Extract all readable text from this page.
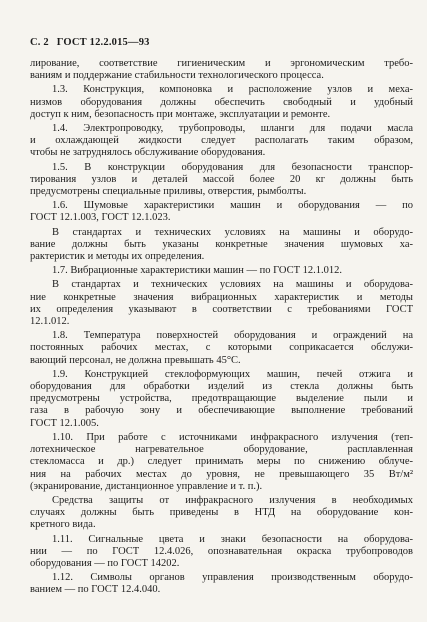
С. 2 ГОСТ 12.2.015—93
лирование, соответствие гигиеническим и эргономическим требо-
ваниям и поддержание стабильности технологического процесса.
1.3. Конструкция, компоновка и расположение узлов и меха-
низмов оборудования должны обеспечить свободный и удобный
доступ к ним, безопасность при монтаже, эксплуатации и ремонте.
1.4. Электропроводку, трубопроводы, шланги для подачи масла
и охлаждающей жидкости следует располагать таким образом,
чтобы не затруднялось обслуживание оборудования.
1.5. В конструкции оборудования для безопасности транспор-
тирования узлов и деталей массой более 20 кг должны быть
предусмотрены специальные приливы, отверстия, рымболты.
1.6. Шумовые характеристики машин и оборудования — по
ГОСТ 12.1.003, ГОСТ 12.1.023.
В стандартах и технических условиях на машины и оборудо-
вание должны быть указаны конкретные значения шумовых ха-
рактеристик и методы их определения.
1.7. Вибрационные характеристики машин — по ГОСТ 12.1.012.
В стандартах и технических условиях на машины и оборудова-
ние конкретные значения вибрационных характеристик и методы
их определения указывают в соответствии с требованиями ГОСТ
12.1.012.
1.8. Температура поверхностей оборудования и ограждений на
постоянных рабочих местах, с которыми соприкасается обслужи-
вающий персонал, не должна превышать 45°С.
1.9. Конструкцией стеклоформующих машин, печей отжига и
оборудования для обработки изделий из стекла должны быть
предусмотрены устройства, предотвращающие выделение пыли и
газа в рабочую зону и обеспечивающие выполнение требований
ГОСТ 12.1.005.
1.10. При работе с источниками инфракрасного излучения (теп-
лотехническое нагревательное оборудование, расплавленная
стекломасса и др.) следует принимать меры по снижению облуче-
ния на рабочих местах до уровня, не превышающего 35 Вт/м²
(экранирование, дистанционное управление и т. п.).
Средства защиты от инфракрасного излучения в необходимых
случаях должны быть приведены в НТД на оборудование кон-
кретного вида.
1.11. Сигнальные цвета и знаки безопасности на оборудова-
нии — по ГОСТ 12.4.026, опознавательная окраска трубопроводов
оборудования — по ГОСТ 14202.
1.12. Символы органов управления производственным оборудо-
ванием — по ГОСТ 12.4.040.
